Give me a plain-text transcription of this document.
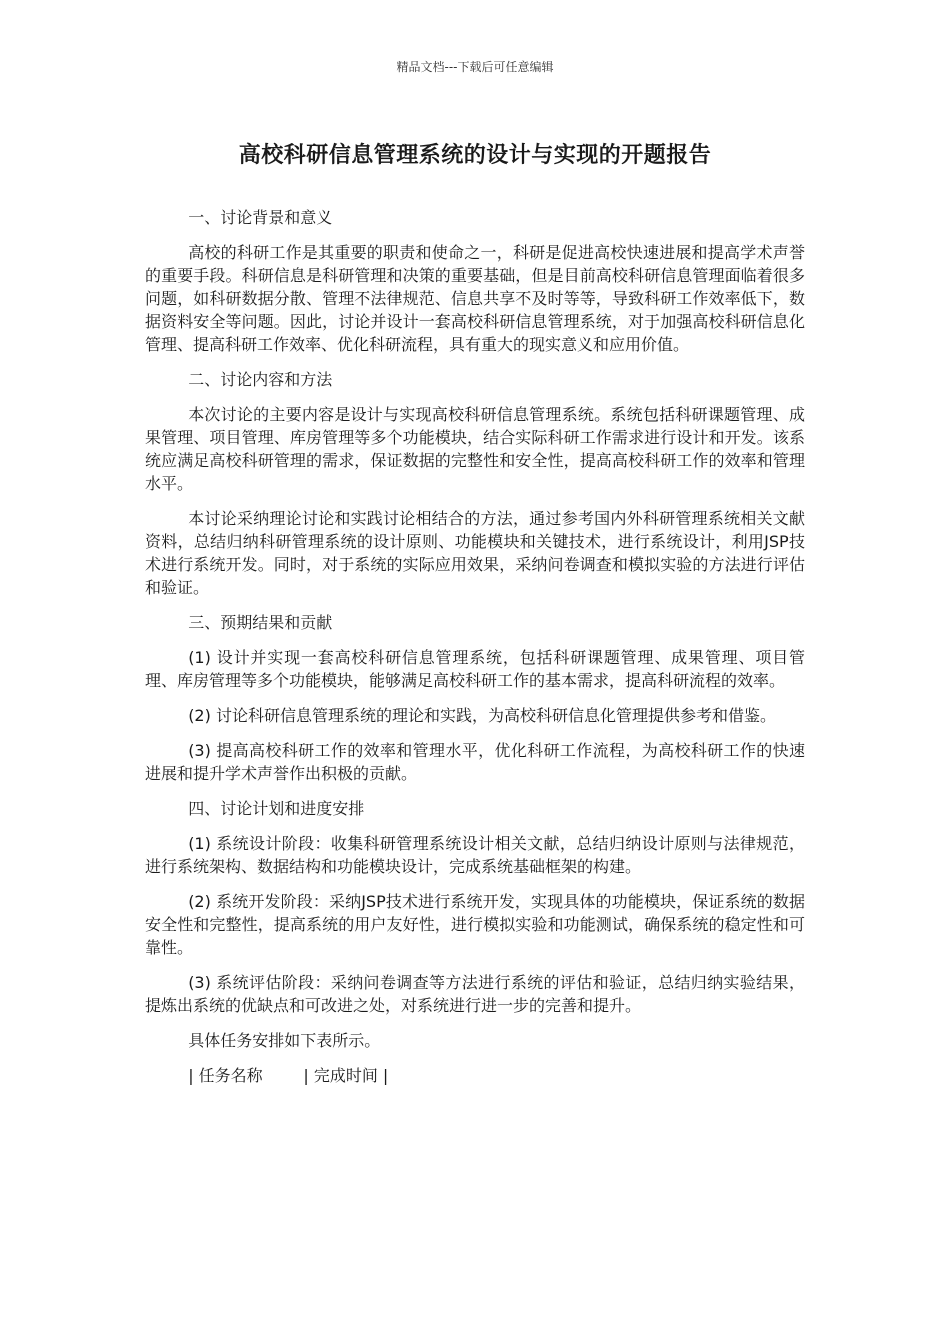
精品文档---下载后可任意编辑
高校科研信息管理系统的设计与实现的开题报告

一、讨论背景和意义

高校的科研工作是其重要的职责和使命之一，科研是促进高校快速进展和提高学术声誉的重要手段。科研信息是科研管理和决策的重要基础，但是目前高校科研信息管理面临着很多问题，如科研数据分散、管理不法律规范、信息共享不及时等等，导致科研工作效率低下，数据资料安全等问题。因此，讨论并设计一套高校科研信息管理系统，对于加强高校科研信息化管理、提高科研工作效率、优化科研流程，具有重大的现实意义和应用价值。

二、讨论内容和方法

本次讨论的主要内容是设计与实现高校科研信息管理系统。系统包括科研课题管理、成果管理、项目管理、库房管理等多个功能模块，结合实际科研工作需求进行设计和开发。该系统应满足高校科研管理的需求，保证数据的完整性和安全性，提高高校科研工作的效率和管理水平。

本讨论采纳理论讨论和实践讨论相结合的方法，通过参考国内外科研管理系统相关文献资料，总结归纳科研管理系统的设计原则、功能模块和关键技术，进行系统设计，利用JSP技术进行系统开发。同时，对于系统的实际应用效果，采纳问卷调查和模拟实验的方法进行评估和验证。

三、预期结果和贡献

(1) 设计并实现一套高校科研信息管理系统，包括科研课题管理、成果管理、项目管理、库房管理等多个功能模块，能够满足高校科研工作的基本需求，提高科研流程的效率。

(2) 讨论科研信息管理系统的理论和实践，为高校科研信息化管理提供参考和借鉴。

(3) 提高高校科研工作的效率和管理水平，优化科研工作流程，为高校科研工作的快速进展和提升学术声誉作出积极的贡献。

四、讨论计划和进度安排

(1) 系统设计阶段：收集科研管理系统设计相关文献，总结归纳设计原则与法律规范，进行系统架构、数据结构和功能模块设计，完成系统基础框架的构建。

(2) 系统开发阶段：采纳JSP技术进行系统开发，实现具体的功能模块，保证系统的数据安全性和完整性，提高系统的用户友好性，进行模拟实验和功能测试，确保系统的稳定性和可靠性。

(3) 系统评估阶段：采纳问卷调查等方法进行系统的评估和验证，总结归纳实验结果，提炼出系统的优缺点和可改进之处，对系统进行进一步的完善和提升。

具体任务安排如下表所示。

| 任务名称        | 完成时间 |
